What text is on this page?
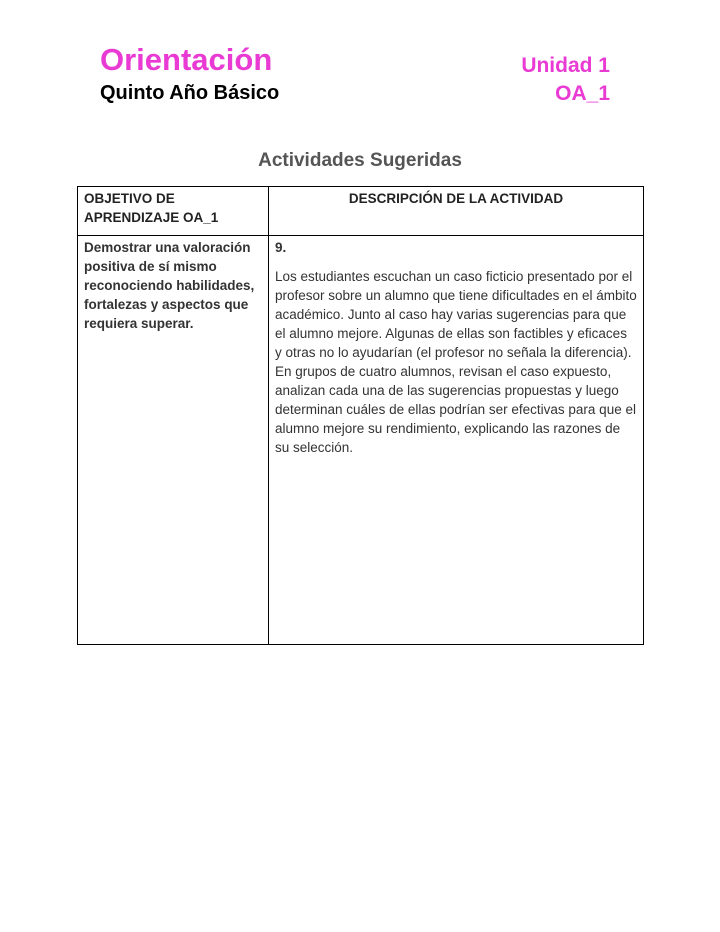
Orientación
Quinto Año Básico
Unidad 1
OA_1
Actividades Sugeridas
OBJETIVO DE APRENDIZAJE OA_1	DESCRIPCIÓN DE LA ACTIVIDAD

Demostrar una valoración positiva de sí mismo reconociendo habilidades, fortalezas y aspectos que requiera superar.	9.
Los estudiantes escuchan un caso ficticio presentado por el profesor sobre un alumno que tiene dificultades en el ámbito académico. Junto al caso hay varias sugerencias para que el alumno mejore. Algunas de ellas son factibles y eficaces y otras no lo ayudarían (el profesor no señala la diferencia). En grupos de cuatro alumnos, revisan el caso expuesto, analizan cada una de las sugerencias propuestas y luego determinan cuáles de ellas podrían ser efectivas para que el alumno mejore su rendimiento, explicando las razones de su selección.
